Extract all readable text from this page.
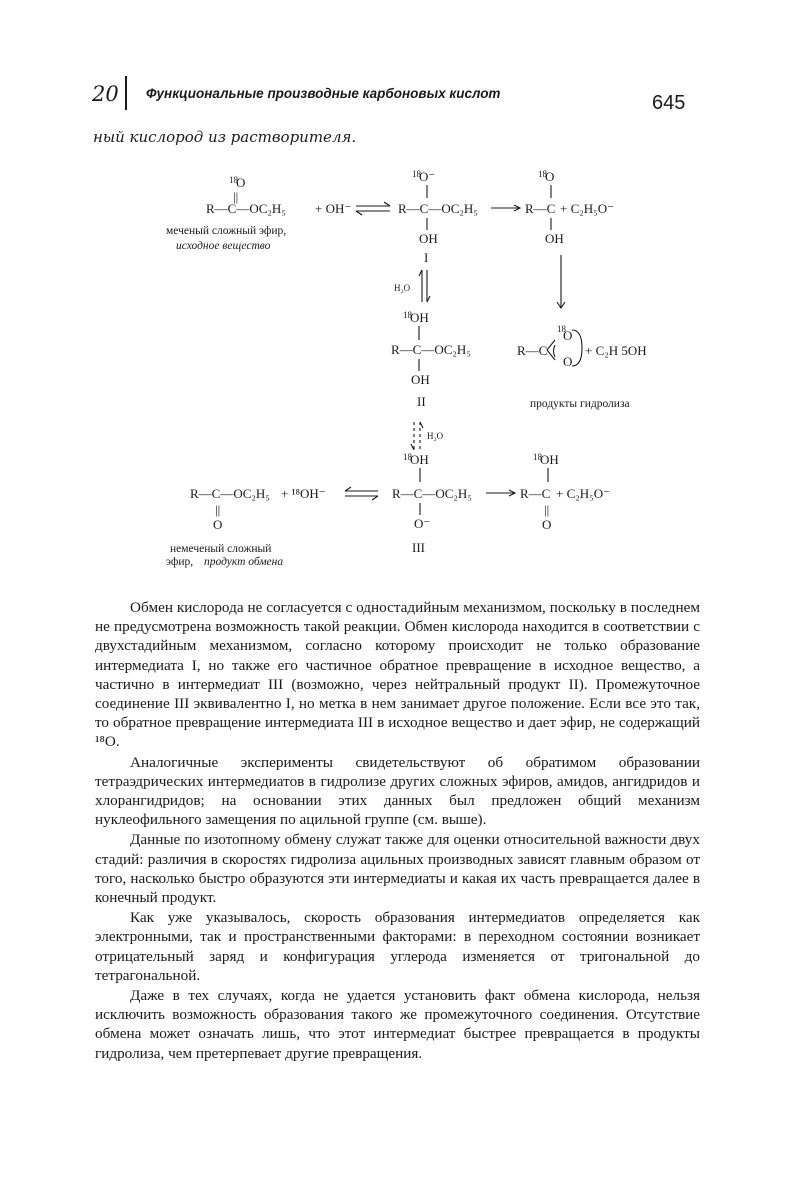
20 Функциональные производные карбоновых кислот	645
ный кислород из растворителя.
18
O
||
R—C—OC₂H₅ + OH⁻
меченый сложный эфир,
исходное вещество
18
O⁻
R—C—OC₂H₅
OH
I
18
O
R—C + C₂H₅O⁻
OH
H₂O
18
OH
R—C—OC₂H₅
OH
II
R—C
18
O
O
+ C₂H 5OH
продукты гидролиза
H₂O
R—C—OC₂H₅ + ¹⁸OH⁻
||
O
немеченый сложный
эфир, продукт обмена
18
OH
R—C—OC₂H₅
O⁻
III
18
OH
R—C + C₂H₅O⁻
||
O

Обмен кислорода не согласуется с одностадийным механизмом, поскольку в последнем не предусмотрена возможность такой реакции. Обмен кислорода находится в соответствии с двухстадийным механизмом, согласно которому происходит не только образование интермедиата I, но также его частичное обратное превращение в исходное вещество, а частично в интермедиат III (возможно, через нейтральный продукт II). Промежуточное соединение III эквивалентно I, но метка в нем занимает другое положение. Если все это так, то обратное превращение интермедиата III в исходное вещество и дает эфир, не содержащий ¹⁸O.

Аналогичные эксперименты свидетельствуют об обратимом образовании тетраэдрических интермедиатов в гидролизе других сложных эфиров, амидов, ангидридов и хлорангидридов; на основании этих данных был предложен общий механизм нуклеофильного замещения по ацильной группе (см. выше).

Данные по изотопному обмену служат также для оценки относительной важности двух стадий: различия в скоростях гидролиза ацильных производных зависят главным образом от того, насколько быстро образуются эти интермедиаты и какая их часть превращается далее в конечный продукт.

Как уже указывалось, скорость образования интермедиатов определяется как электронными, так и пространственными факторами: в переходном состоянии возникает отрицательный заряд и конфигурация углерода изменяется от тригональной до тетрагональной.

Даже в тех случаях, когда не удается установить факт обмена кислорода, нельзя исключить возможность образования такого же промежуточного соединения. Отсутствие обмена может означать лишь, что этот интермедиат быстрее превращается в продукты гидролиза, чем претерпевает другие превращения.
